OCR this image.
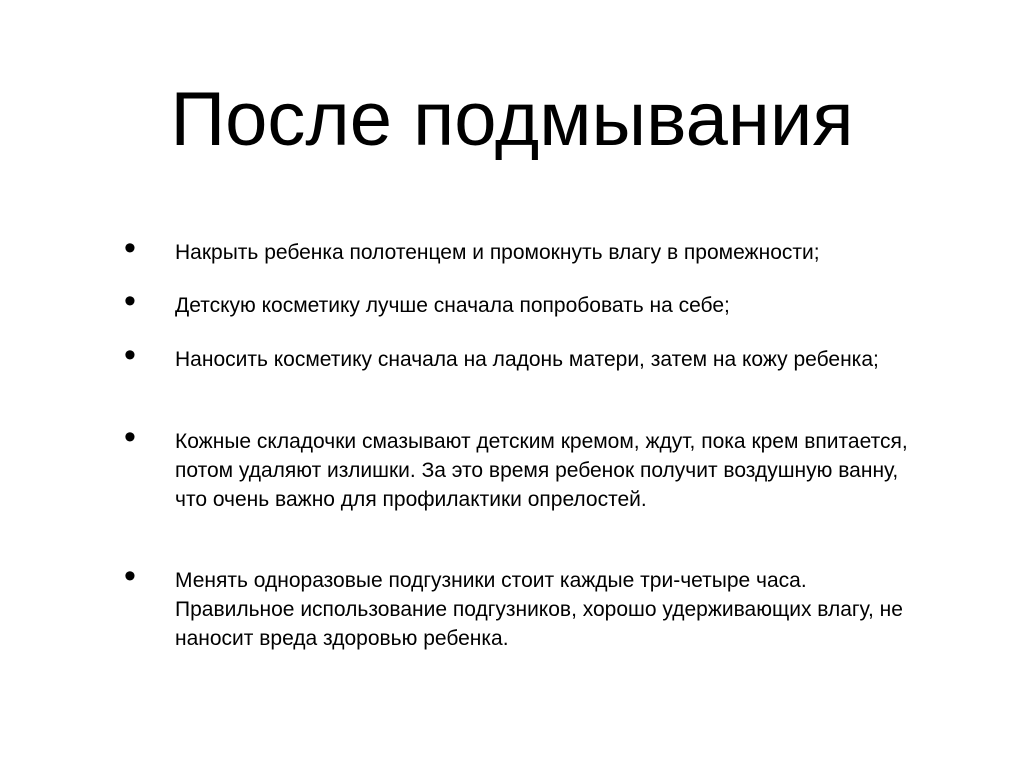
После подмывания
•	Накрыть ребенка полотенцем и промокнуть влагу в промежности;
•	Детскую косметику лучше сначала попробовать на себе;
•	Наносить косметику сначала на ладонь матери, затем на кожу ребенка;
•	Кожные складочки смазывают детским кремом, ждут, пока крем впитается, потом удаляют излишки. За это время ребенок получит воздушную ванну, что очень важно для профилактики опрелостей.
•	Менять одноразовые подгузники стоит каждые три-четыре часа. Правильное использование подгузников, хорошо удерживающих влагу, не наносит вреда здоровью ребенка.
